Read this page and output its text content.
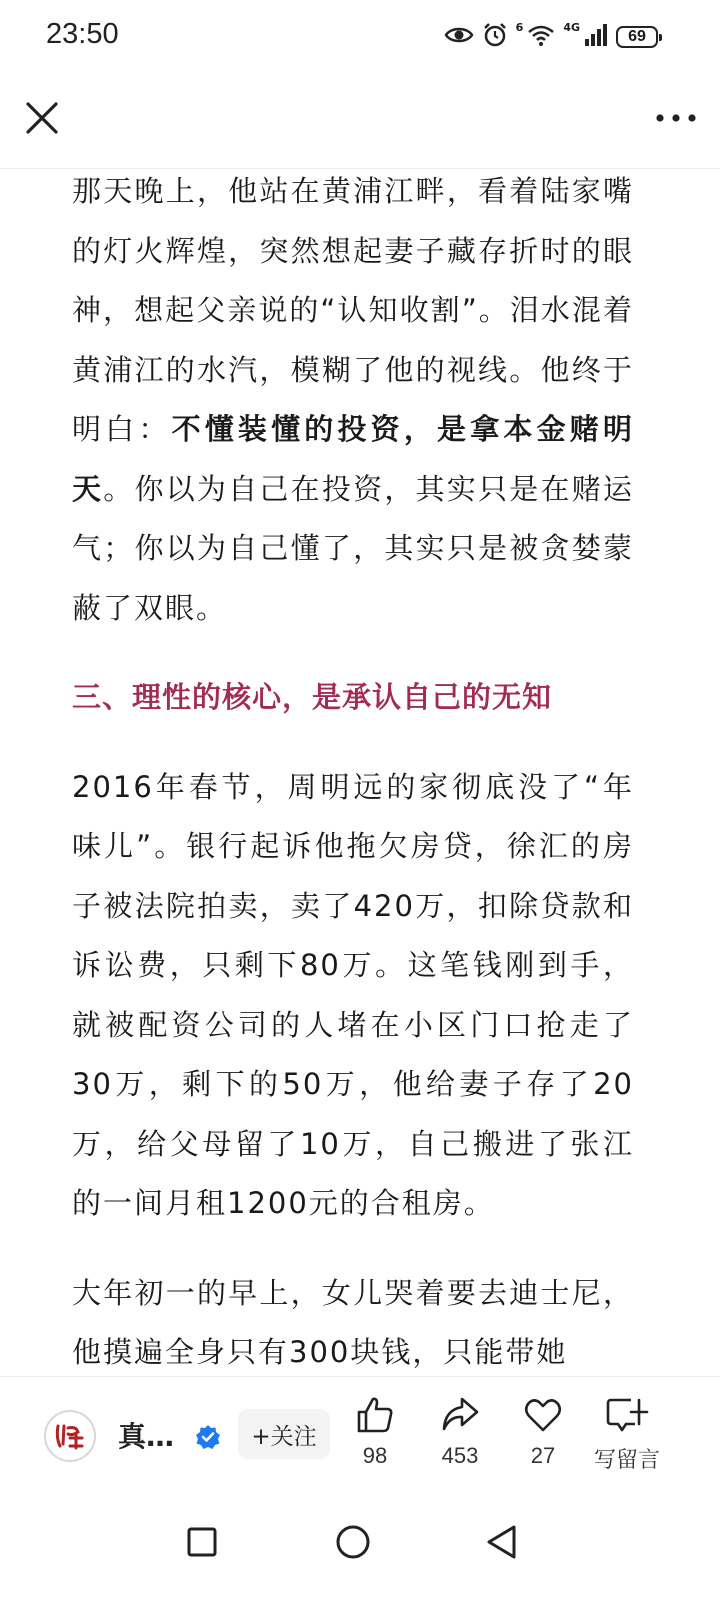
23:50	6	4G
69

那天晚上，他站在黄浦江畔，看着陆家嘴的灯火辉煌，突然想起妻子藏存折时的眼神，想起父亲说的“认知收割”。泪水混着黄浦江的水汽，模糊了他的视线。他终于明白：不懂装懂的投资，是拿本金赌明天。你以为自己在投资，其实只是在赌运气；你以为自己懂了，其实只是被贪婪蒙蔽了双眼。

三、理性的核心，是承认自己的无知

2016年春节，周明远的家彻底没了“年味儿”。银行起诉他拖欠房贷，徐汇的房子被法院拍卖，卖了420万，扣除贷款和诉讼费，只剩下80万。这笔钱刚到手，就被配资公司的人堵在小区门口抢走了30万，剩下的50万，他给妻子存了20万，给父母留了10万，自己搬进了张江的一间月租1200元的合租房。

大年初一的早上，女儿哭着要去迪士尼，他摸遍全身只有300块钱，只能带她

真…	+关注
98	453	27	写留言
